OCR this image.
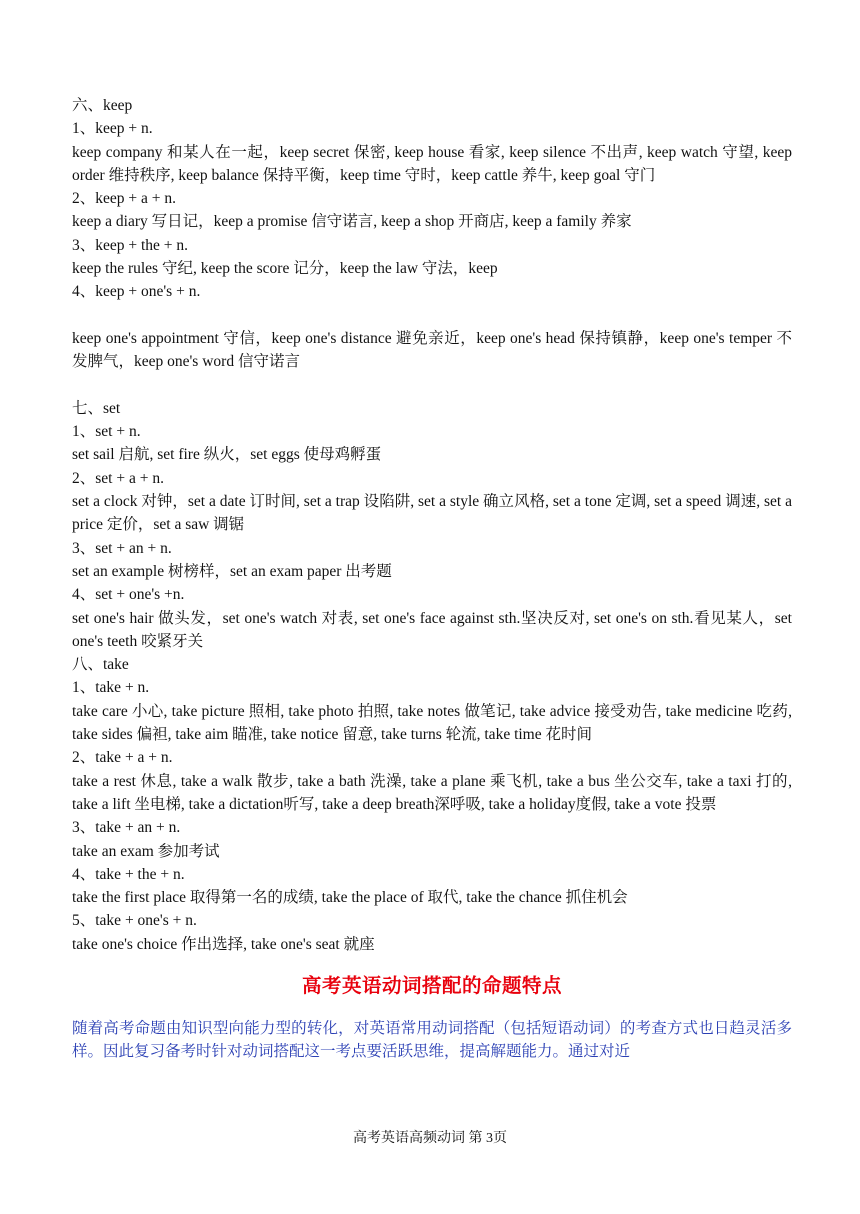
六、keep
1、keep + n.
keep company 和某人在一起，keep secret 保密, keep house 看家, keep silence 不出声, keep watch 守望, keep order 维持秩序, keep balance 保持平衡，keep time 守时，keep cattle 养牛, keep goal 守门
2、keep + a + n.
keep a diary 写日记，keep a promise 信守诺言, keep a shop 开商店, keep a family 养家
3、keep + the + n.
keep the rules 守纪, keep the score 记分，keep the law 守法，keep
4、keep + one's + n.
keep one's appointment 守信，keep one's distance 避免亲近，keep one's head 保持镇静，keep one's temper 不发脾气，keep one's word 信守诺言
七、set
1、set + n.
set sail 启航, set fire 纵火，set eggs 使母鸡孵蛋
2、set + a + n.
set a clock 对钟，set a date 订时间, set a trap 设陷阱, set a style 确立风格, set a tone 定调, set a speed 调速, set a price 定价，set a saw 调锯
3、set + an + n.
set an example 树榜样，set an exam paper 出考题
4、set + one's +n.
set one's hair 做头发，set one's watch 对表, set one's face against sth.坚决反对, set one's on sth.看见某人，set one's teeth 咬紧牙关
八、take
1、take + n.
take care 小心, take picture 照相, take photo 拍照, take notes 做笔记, take advice 接受劝告, take medicine 吃药, take sides 偏袒, take aim 瞄准, take notice 留意, take turns 轮流, take time 花时间
2、take + a + n.
take a rest 休息, take a walk 散步, take a bath 洗澡, take a plane 乘飞机, take a bus 坐公交车, take a taxi 打的, take a lift 坐电梯, take a dictation听写, take a deep breath深呼吸, take a holiday度假, take a vote 投票
3、take + an + n.
take an exam 参加考试
4、take + the + n.
take the first place 取得第一名的成绩, take the place of 取代, take the chance 抓住机会
5、take + one's + n.
take one's choice 作出选择, take one's seat 就座
高考英语动词搭配的命题特点
随着高考命题由知识型向能力型的转化，对英语常用动词搭配（包括短语动词）的考查方式也日趋灵活多样。因此复习备考时针对动词搭配这一考点要活跃思维，提高解题能力。通过对近
高考英语高频动词 第 3页
